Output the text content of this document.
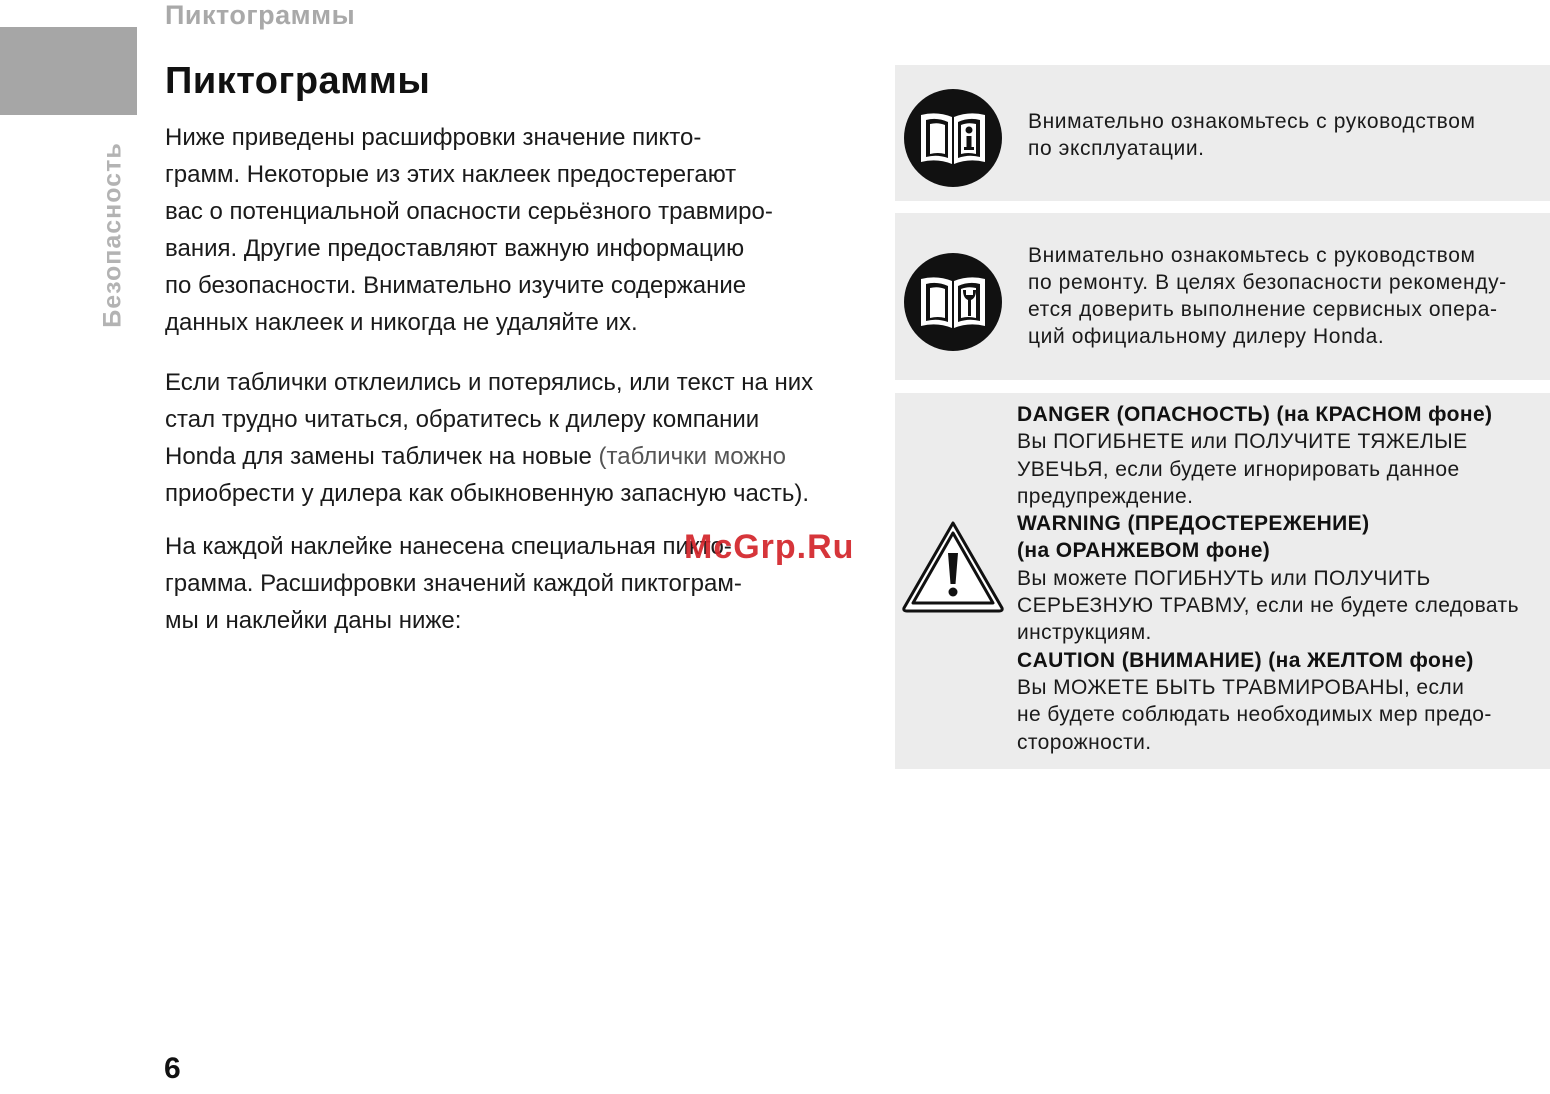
Пиктограммы
Безопасность
Пиктограммы

Ниже приведены расшифровки значение пикто-
грамм. Некоторые из этих наклеек предостерегают
вас о потенциальной опасности серьёзного травмиро-
вания. Другие предоставляют важную информацию
по безопасности. Внимательно изучите содержание
данных наклеек и никогда не удаляйте их.

Если таблички отклеились и потерялись, или текст на них
стал трудно читаться, обратитесь к дилеру компании
Honda для замены табличек на новые (таблички можно
приобрести у дилера как обыкновенную запасную часть).

На каждой наклейке нанесена специальная пикто-
грамма. Расшифровки значений каждой пиктограм-
мы и наклейки даны ниже:

McGrp.Ru

Внимательно ознакомьтесь с руководством
по эксплуатации.

Внимательно ознакомьтесь с руководством
по ремонту. В целях безопасности рекоменду-
ется доверить выполнение сервисных опера-
ций официальному дилеру Honda.

DANGER (ОПАСНОСТЬ) (на КРАСНОМ фоне)
Вы ПОГИБНЕТЕ или ПОЛУЧИТЕ ТЯЖЕЛЫЕ
УВЕЧЬЯ, если будете игнорировать данное
предупреждение.
WARNING (ПРЕДОСТЕРЕЖЕНИЕ)
(на ОРАНЖЕВОМ фоне)
Вы можете ПОГИБНУТЬ или ПОЛУЧИТЬ
СЕРЬЕЗНУЮ ТРАВМУ, если не будете следовать
инструкциям.
CAUTION (ВНИМАНИЕ) (на ЖЕЛТОМ фоне)
Вы МОЖЕТЕ БЫТЬ ТРАВМИРОВАНЫ, если
не будете соблюдать необходимых мер предо-
сторожности.

6
